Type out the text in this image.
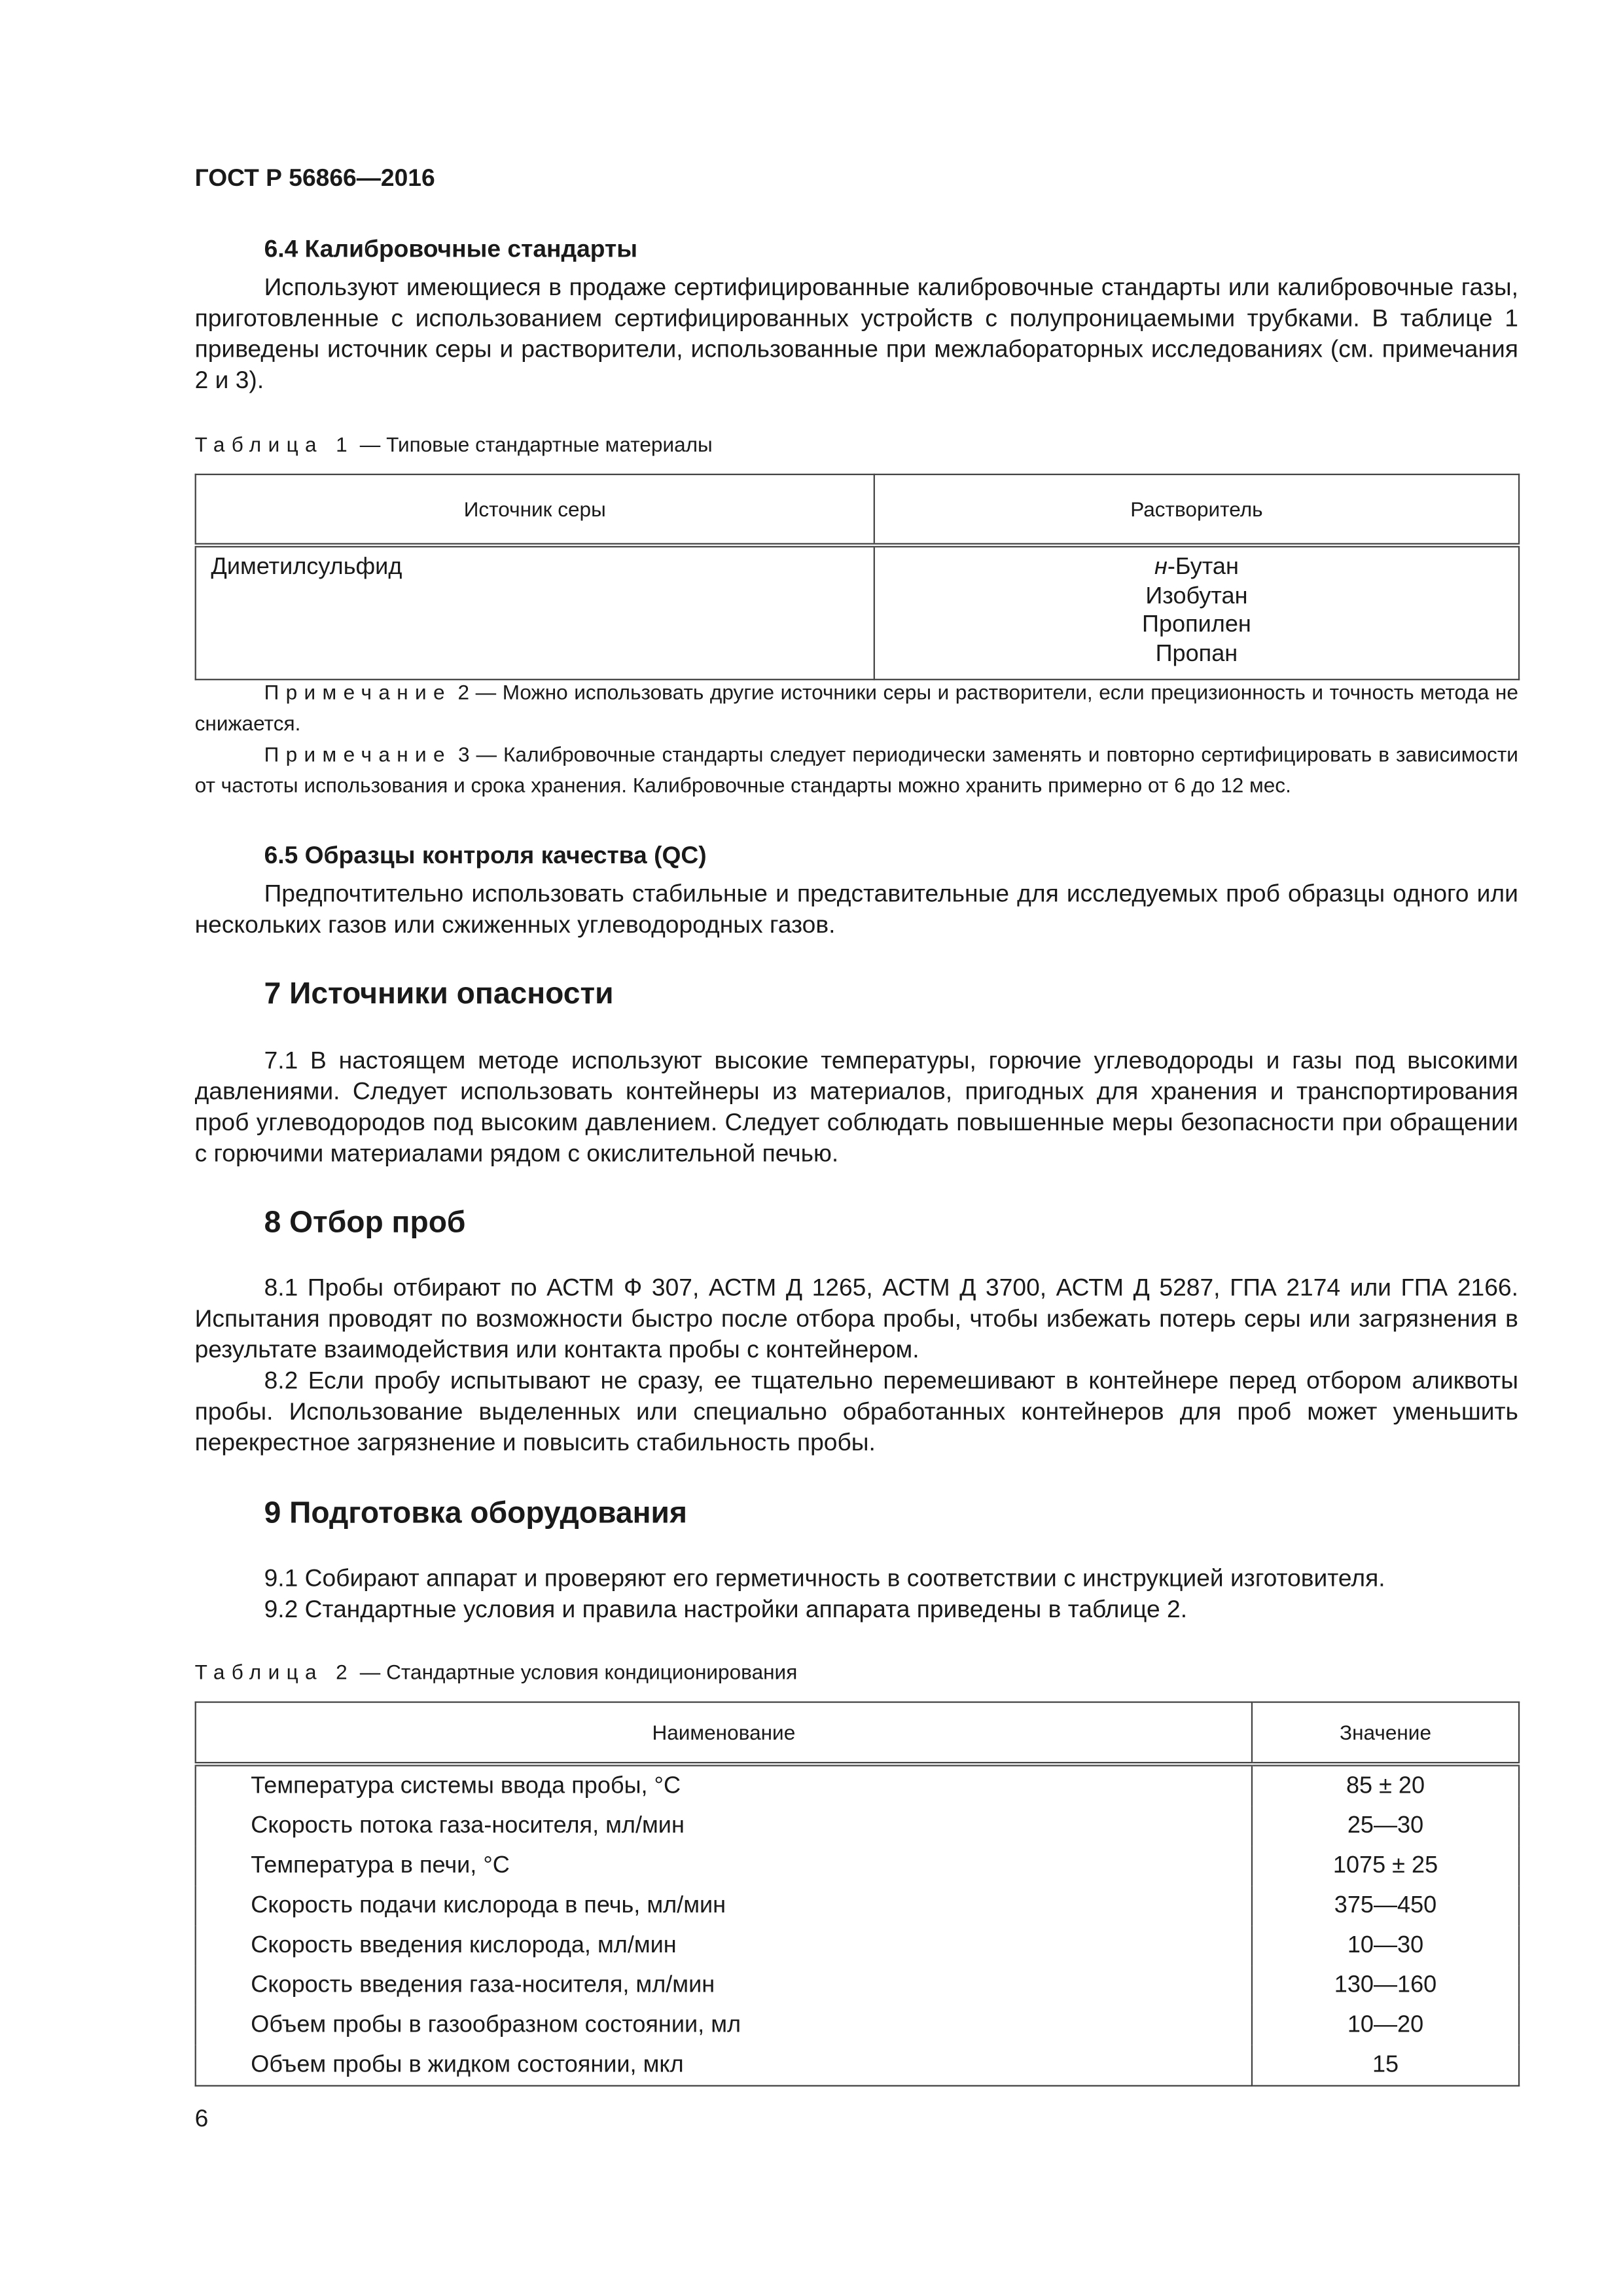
ГОСТ Р 56866—2016

6.4 Калибровочные стандарты

Используют имеющиеся в продаже сертифицированные калибровочные стандарты или калибровочные газы, приготовленные с использованием сертифицированных устройств с полупроницаемыми трубками. В таблице 1 приведены источник серы и растворители, использованные при межлабораторных исследованиях (см. примечания 2 и 3).

Таблица 1 — Типовые стандартные материалы

Источник серы	Растворитель
Диметилсульфид	н-Бутан
Изобутан
Пропилен
Пропан

Примечание 2 — Можно использовать другие источники серы и растворители, если прецизионность и точность метода не снижается.

Примечание 3 — Калибровочные стандарты следует периодически заменять и повторно сертифицировать в зависимости от частоты использования и срока хранения. Калибровочные стандарты можно хранить примерно от 6 до 12 мес.

6.5 Образцы контроля качества (QC)

Предпочтительно использовать стабильные и представительные для исследуемых проб образцы одного или нескольких газов или сжиженных углеводородных газов.

7 Источники опасности

7.1 В настоящем методе используют высокие температуры, горючие углеводороды и газы под высокими давлениями. Следует использовать контейнеры из материалов, пригодных для хранения и транспортирования проб углеводородов под высоким давлением. Следует соблюдать повышенные меры безопасности при обращении с горючими материалами рядом с окислительной печью.

8 Отбор проб

8.1 Пробы отбирают по АСТМ Ф 307, АСТМ Д 1265, АСТМ Д 3700, АСТМ Д 5287, ГПА 2174 или ГПА 2166. Испытания проводят по возможности быстро после отбора пробы, чтобы избежать потерь серы или загрязнения в результате взаимодействия или контакта пробы с контейнером.

8.2 Если пробу испытывают не сразу, ее тщательно перемешивают в контейнере перед отбором аликвоты пробы. Использование выделенных или специально обработанных контейнеров для проб может уменьшить перекрестное загрязнение и повысить стабильность пробы.

9 Подготовка оборудования

9.1 Собирают аппарат и проверяют его герметичность в соответствии с инструкцией изготовителя.

9.2 Стандартные условия и правила настройки аппарата приведены в таблице 2.

Таблица 2 — Стандартные условия кондиционирования

Наименование	Значение
Температура системы ввода пробы, °С	85 ± 20
Скорость потока газа-носителя, мл/мин	25—30
Температура в печи, °С	1075 ± 25
Скорость подачи кислорода в печь, мл/мин	375—450
Скорость введения кислорода, мл/мин	10—30
Скорость введения газа-носителя, мл/мин	130—160
Объем пробы в газообразном состоянии, мл	10—20
Объем пробы в жидком состоянии, мкл	15
6
